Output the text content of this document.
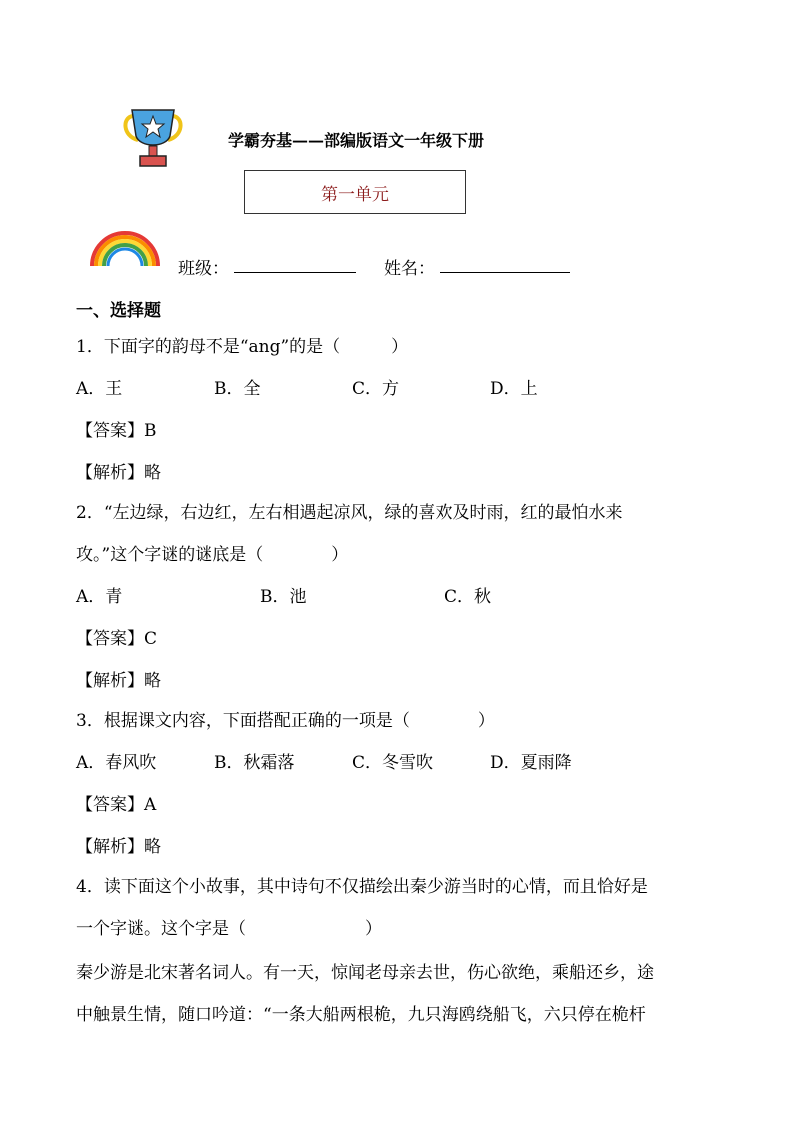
学霸夯基——部编版语文一年级下册
第一单元
班级：	姓名：
一、选择题
1．下面字的韵母不是“ang”的是（　　　）
A．王	B．全	C．方	D．上
【答案】B
【解析】略
2．“左边绿，右边红，左右相遇起凉风，绿的喜欢及时雨，红的最怕水来
攻。”这个字谜的谜底是（　　　　）
A．青	B．池	C．秋
【答案】C
【解析】略
3．根据课文内容，下面搭配正确的一项是（　　　　）
A．春风吹	B．秋霜落	C．冬雪吹	D．夏雨降
【答案】A
【解析】略
4．读下面这个小故事，其中诗句不仅描绘出秦少游当时的心情，而且恰好是
一个字谜。这个字是（　　　　　　　）
秦少游是北宋著名词人。有一天，惊闻老母亲去世，伤心欲绝，乘船还乡，途
中触景生情，随口吟道：“一条大船两根桅，九只海鸥绕船飞，六只停在桅杆
